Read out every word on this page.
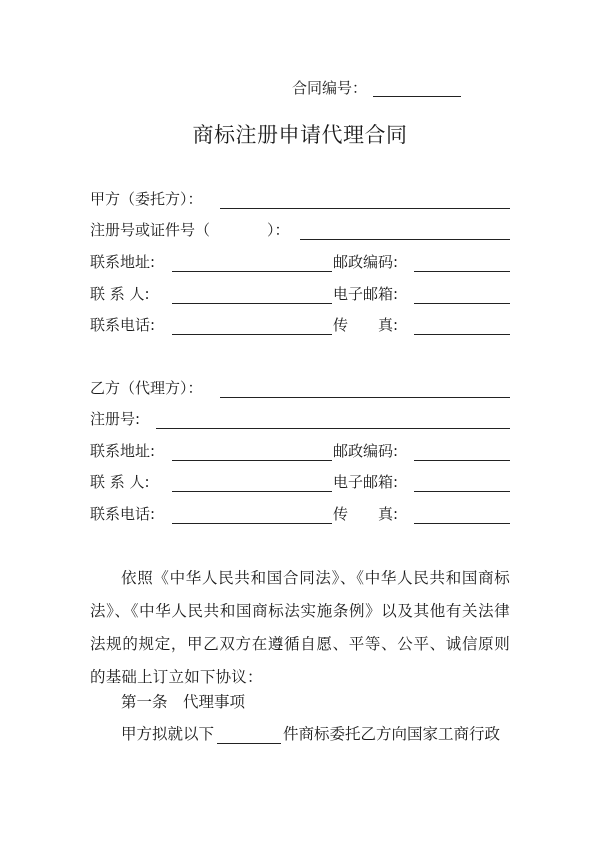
合同编号：
商标注册申请代理合同
甲方（委托方）：
注册号或证件号（	）：
联系地址:	邮政编码:
联 系 人:	电子邮箱:
联系电话:	传　　真:
乙方（代理方）：
注册号:
联系地址:	邮政编码:
联 系 人:	电子邮箱:
联系电话:	传　　真:
依照《中华人民共和国合同法》、《中华人民共和国商标法》、《中华人民共和国商标法实施条例》以及其他有关法律法规的规定，甲乙双方在遵循自愿、平等、公平、诚信原则的基础上订立如下协议：
第一条　代理事项
甲方拟就以下	件商标委托乙方向国家工商行政
